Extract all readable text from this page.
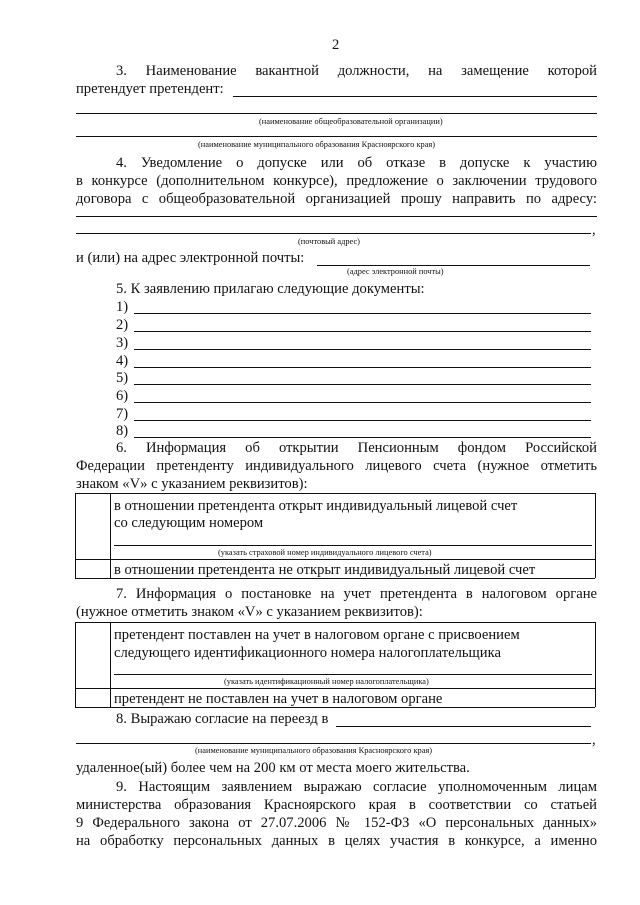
2
3. Наименование вакантной должности, на замещение которой
претендует претендент:
(наименование общеобразовательной организации)
(наименование муниципального образования Красноярского края)
4. Уведомление о допуске или об отказе в допуске к участию
в конкурсе (дополнительном конкурсе), предложение о заключении трудового
договора с общеобразовательной организацией прошу направить по адресу:
,
(почтовый адрес)
и (или) на адрес электронной почты:
(адрес электронной почты)
5. К заявлению прилагаю следующие документы:
1)
2)
3)
4)
5)
6)
7)
8)
6. Информация об открытии Пенсионным фондом Российской
Федерации претенденту индивидуального лицевого счета (нужное отметить
знаком «V» с указанием реквизитов):
в отношении претендента открыт индивидуальный лицевой счет
со следующим номером
(указать страховой номер индивидуального лицевого счета)
в отношении претендента не открыт индивидуальный лицевой счет
7. Информация о постановке на учет претендента в налоговом органе
(нужное отметить знаком «V» с указанием реквизитов):
претендент поставлен на учет в налоговом органе с присвоением
следующего идентификационного номера налогоплательщика
(указать идентификационный номер налогоплательщика)
претендент не поставлен на учет в налоговом органе
8. Выражаю согласие на переезд в
,
(наименование муниципального образования Красноярского края)
удаленное(ый) более чем на 200 км от места моего жительства.
9. Настоящим заявлением выражаю согласие уполномоченным лицам
министерства образования Красноярского края в соответствии со статьей
9 Федерального закона от 27.07.2006 № 152-ФЗ «О персональных данных»
на обработку персональных данных в целях участия в конкурсе, а именно
